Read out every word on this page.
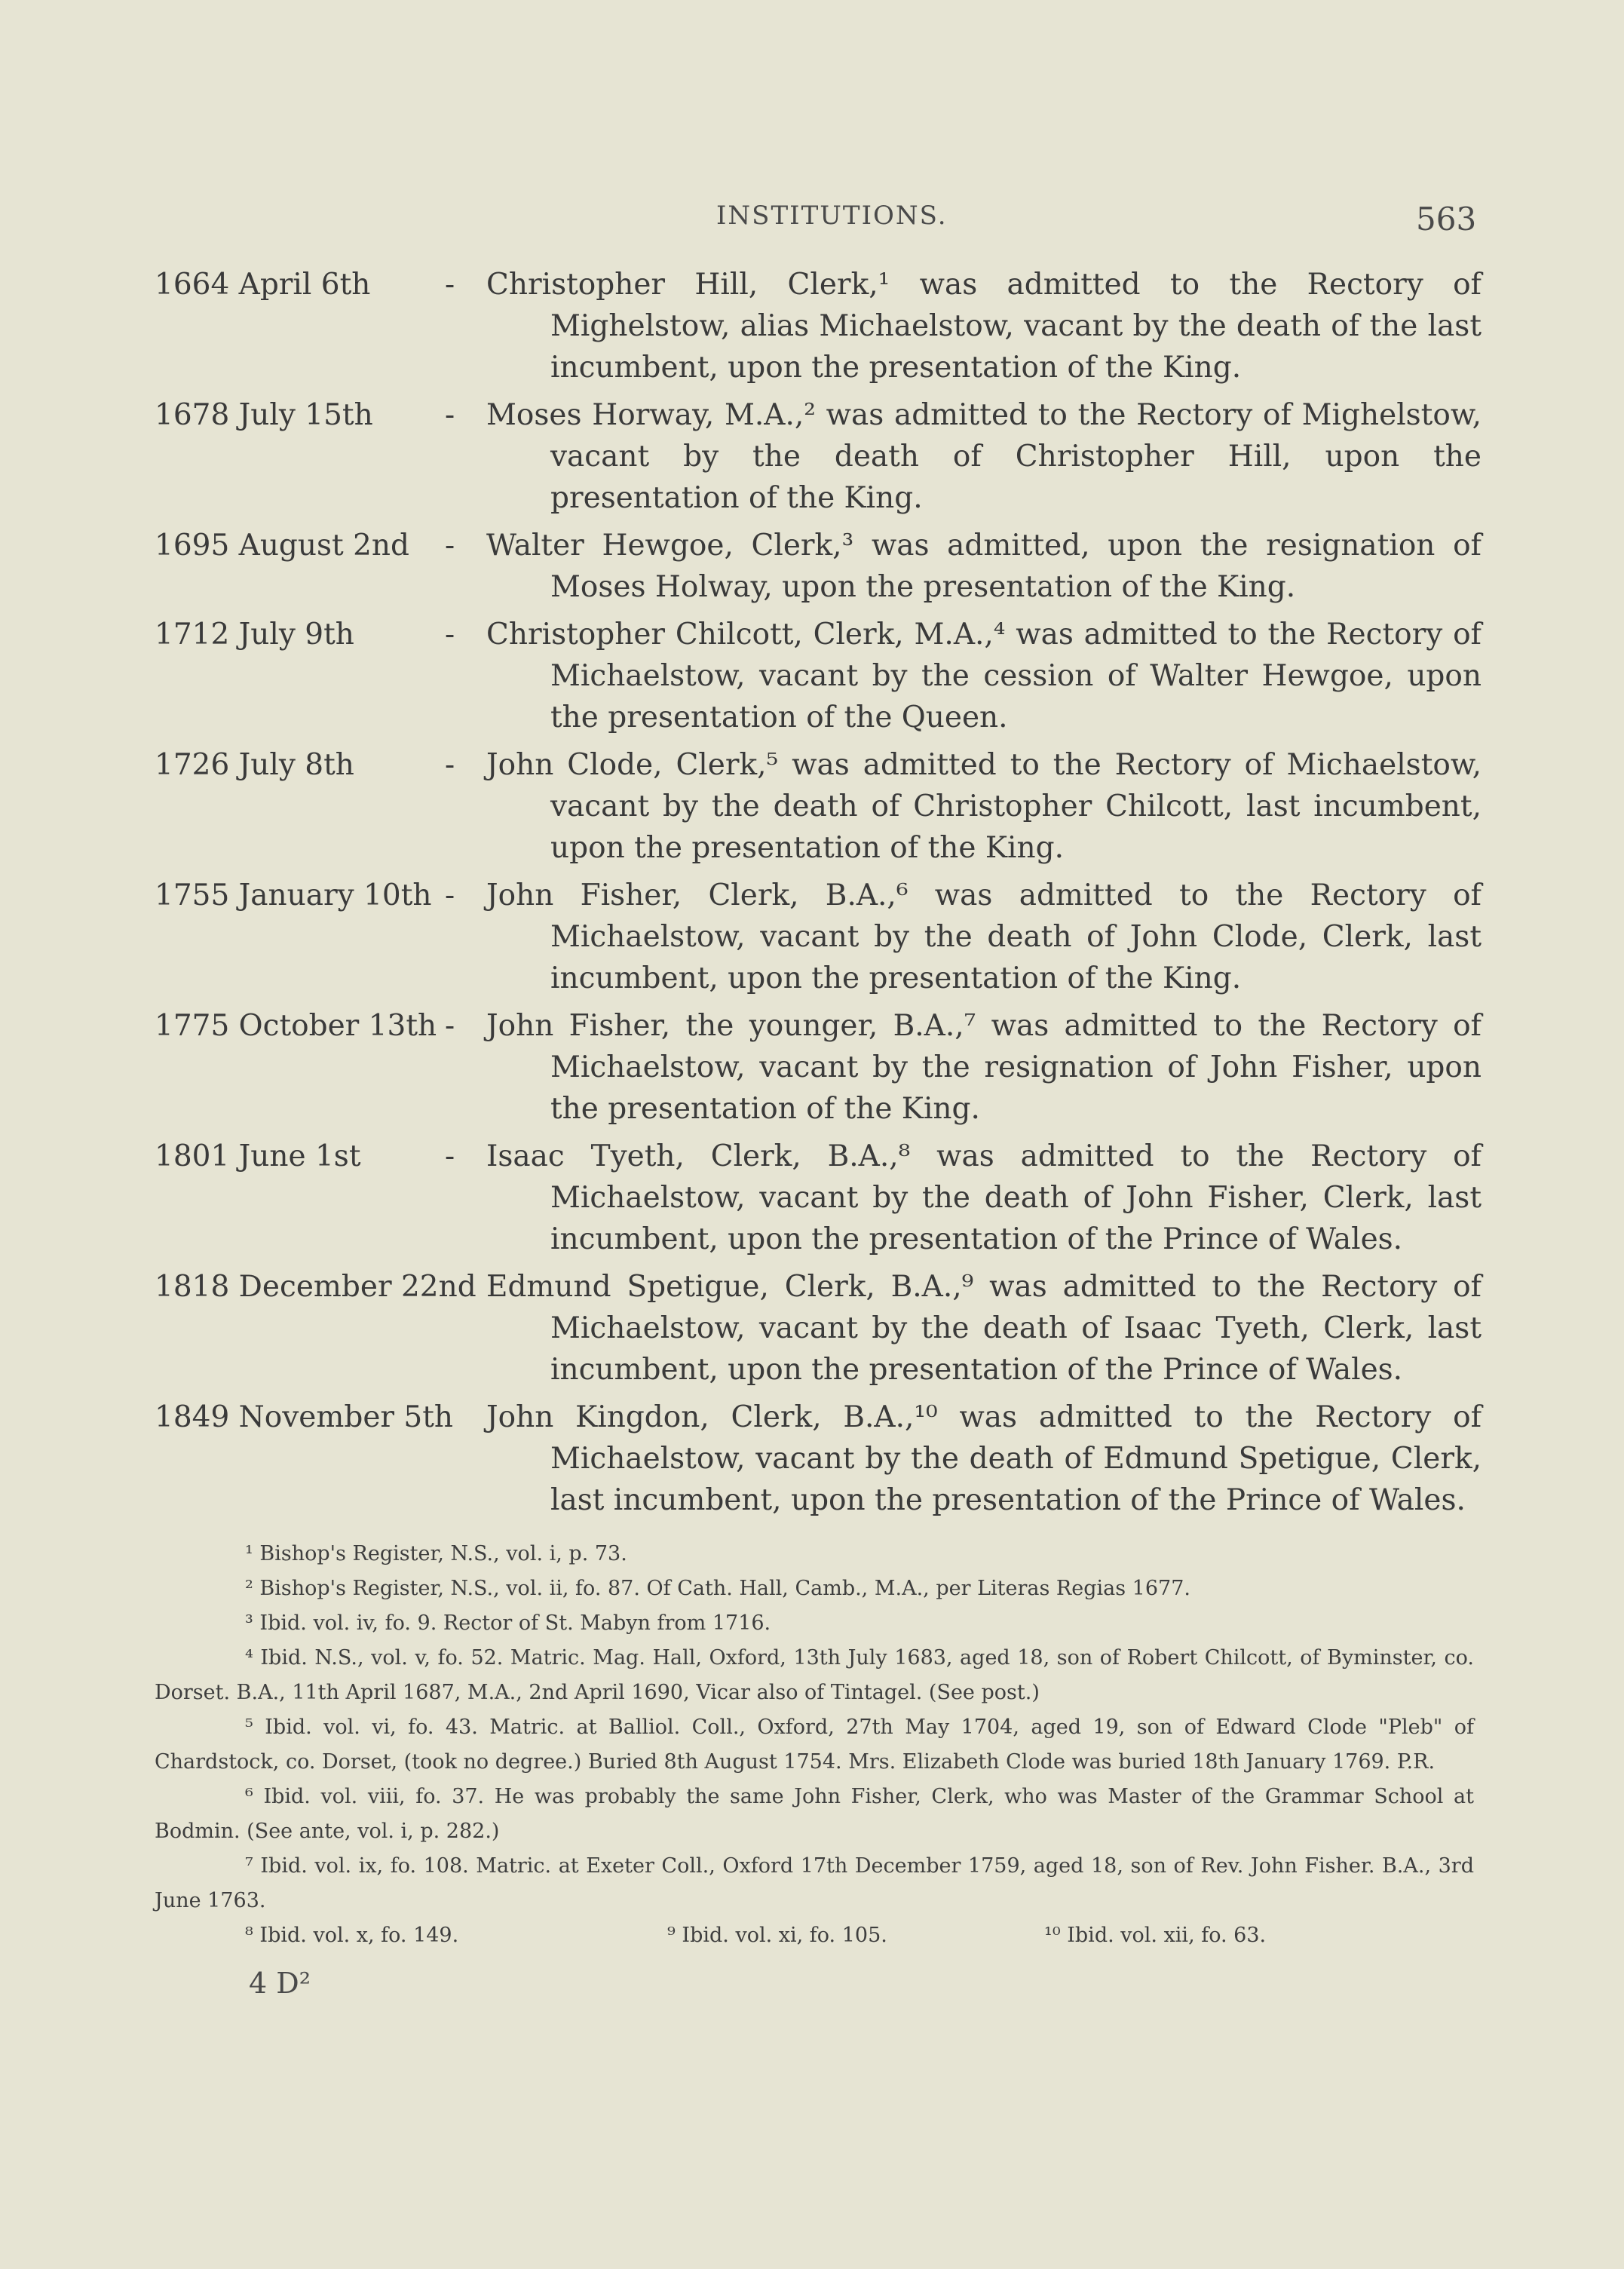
INSTITUTIONS.	563
1664 April 6th	- Christopher Hill, Clerk,¹ was admitted to the Rectory of Mighelstow, alias Michaelstow, vacant by the death of the last incumbent, upon the presentation of the King.
1678 July 15th	- Moses Horway, M.A.,² was admitted to the Rectory of Mighelstow, vacant by the death of Christopher Hill, upon the presentation of the King.
1695 August 2nd	- Walter Hewgoe, Clerk,³ was admitted, upon the resignation of Moses Holway, upon the presentation of the King.
1712 July 9th	- Christopher Chilcott, Clerk, M.A.,⁴ was admitted to the Rectory of Michaelstow, vacant by the cession of Walter Hewgoe, upon the presentation of the Queen.
1726 July 8th	- John Clode, Clerk,⁵ was admitted to the Rectory of Michaelstow, vacant by the death of Christopher Chilcott, last incumbent, upon the presentation of the King.
1755 January 10th - John Fisher, Clerk, B.A.,⁶ was admitted to the Rectory of Michaelstow, vacant by the death of John Clode, Clerk, last incumbent, upon the presentation of the King.
1775 October 13th - John Fisher, the younger, B.A.,⁷ was admitted to the Rectory of Michaelstow, vacant by the resignation of John Fisher, upon the presentation of the King.
1801 June 1st	- Isaac Tyeth, Clerk, B.A.,⁸ was admitted to the Rectory of Michaelstow, vacant by the death of John Fisher, Clerk, last incumbent, upon the presentation of the Prince of Wales.
1818 December 22nd Edmund Spetigue, Clerk, B.A.,⁹ was admitted to the Rectory of Michaelstow, vacant by the death of Isaac Tyeth, Clerk, last incumbent, upon the presentation of the Prince of Wales.
1849 November 5th	John Kingdon, Clerk, B.A.,¹⁰ was admitted to the Rectory of Michaelstow, vacant by the death of Edmund Spetigue, Clerk, last incumbent, upon the presentation of the Prince of Wales.

¹ Bishop's Register, N.S., vol. i, p. 73.

² Bishop's Register, N.S., vol. ii, fo. 87. Of Cath. Hall, Camb., M.A., per Literas Regias 1677.

³ Ibid. vol. iv, fo. 9. Rector of St. Mabyn from 1716.

⁴ Ibid. N.S., vol. v, fo. 52. Matric. Mag. Hall, Oxford, 13th July 1683, aged 18, son of Robert Chilcott, of Byminster, co. Dorset. B.A., 11th April 1687, M.A., 2nd April 1690, Vicar also of Tintagel. (See post.)

⁵ Ibid. vol. vi, fo. 43. Matric. at Balliol. Coll., Oxford, 27th May 1704, aged 19, son of Edward Clode "Pleb" of Chardstock, co. Dorset, (took no degree.) Buried 8th August 1754. Mrs. Elizabeth Clode was buried 18th January 1769. P.R.

⁶ Ibid. vol. viii, fo. 37. He was probably the same John Fisher, Clerk, who was Master of the Grammar School at Bodmin. (See ante, vol. i, p. 282.)

⁷ Ibid. vol. ix, fo. 108. Matric. at Exeter Coll., Oxford 17th December 1759, aged 18, son of Rev. John Fisher. B.A., 3rd June 1763.

⁸ Ibid. vol. x, fo. 149.	⁹ Ibid. vol. xi, fo. 105.	¹⁰ Ibid. vol. xii, fo. 63.
4 D²
